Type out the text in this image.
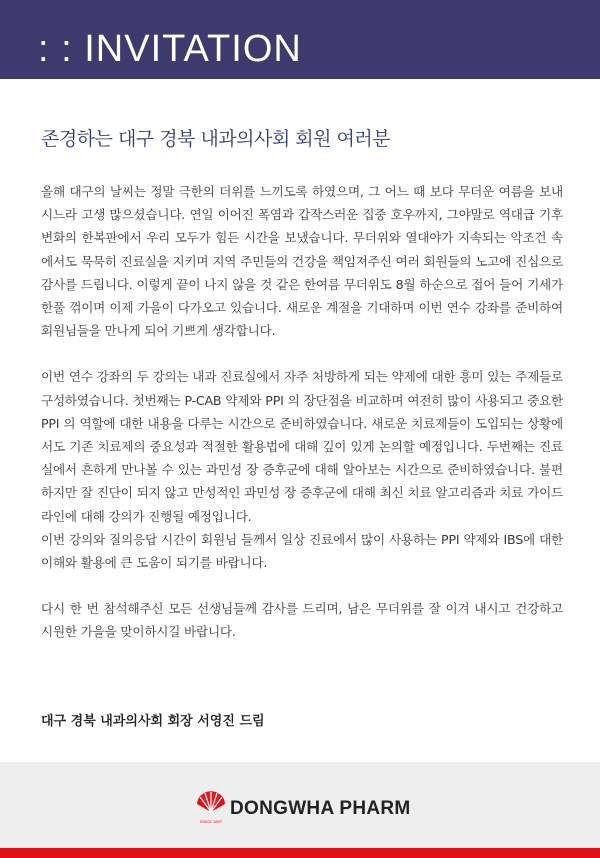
: : INVITATION
존경하는 대구 경북 내과의사회 회원 여러분

올해 대구의 날씨는 정말 극한의 더위를 느끼도록 하였으며, 그 어느 때 보다 무더운 여름을 보내시느라 고생 많으셨습니다. 연일 이어진 폭염과 갑작스러운 집중 호우까지, 그야말로 역대급 기후 변화의 한복판에서 우리 모두가 힘든 시간을 보냈습니다. 무더위와 열대야가 지속되는 악조건 속에서도 묵묵히 진료실을 지키며 지역 주민들의 건강을 책임져주신 여러 회원들의 노고에 진심으로 감사를 드립니다. 이렇게 끝이 나지 않을 것 같은 한여름 무더위도 8월 하순으로 접어 들어 기세가 한풀 꺾이며 이제 가을이 다가오고 있습니다. 새로운 계절을 기대하며 이번 연수 강좌를 준비하여 회원님들을 만나게 되어 기쁘게 생각합니다.

이번 연수 강좌의 두 강의는 내과 진료실에서 자주 처방하게 되는 약제에 대한 흥미 있는 주제들로 구성하였습니다. 첫번째는 P-CAB 약제와 PPI 의 장단점을 비교하며 여전히 많이 사용되고 중요한 PPI 의 역할에 대한 내용을 다루는 시간으로 준비하였습니다. 새로운 치료제들이 도입되는 상황에서도 기존 치료제의 중요성과 적절한 활용법에 대해 깊이 있게 논의할 예정입니다. 두번째는 진료실에서 흔하게 만나볼 수 있는 과민성 장 증후군에 대해 알아보는 시간으로 준비하였습니다. 불편하지만 잘 진단이 되지 않고 만성적인 과민성 장 증후군에 대해 최신 치료 알고리즘과 치료 가이드라인에 대해 강의가 진행될 예정입니다.

이번 강의와 질의응답 시간이 회원님 들께서 일상 진료에서 많이 사용하는 PPI 약제와 IBS에 대한 이해와 활용에 큰 도움이 되기를 바랍니다.

다시 한 번 참석해주신 모든 선생님들께 감사를 드리며, 남은 무더위를 잘 이겨 내시고 건강하고 시원한 가을을 맞이하시길 바랍니다.

대구 경북 내과의사회 회장 서영진 드림
SINCE 1897
DONGWHA PHARM
